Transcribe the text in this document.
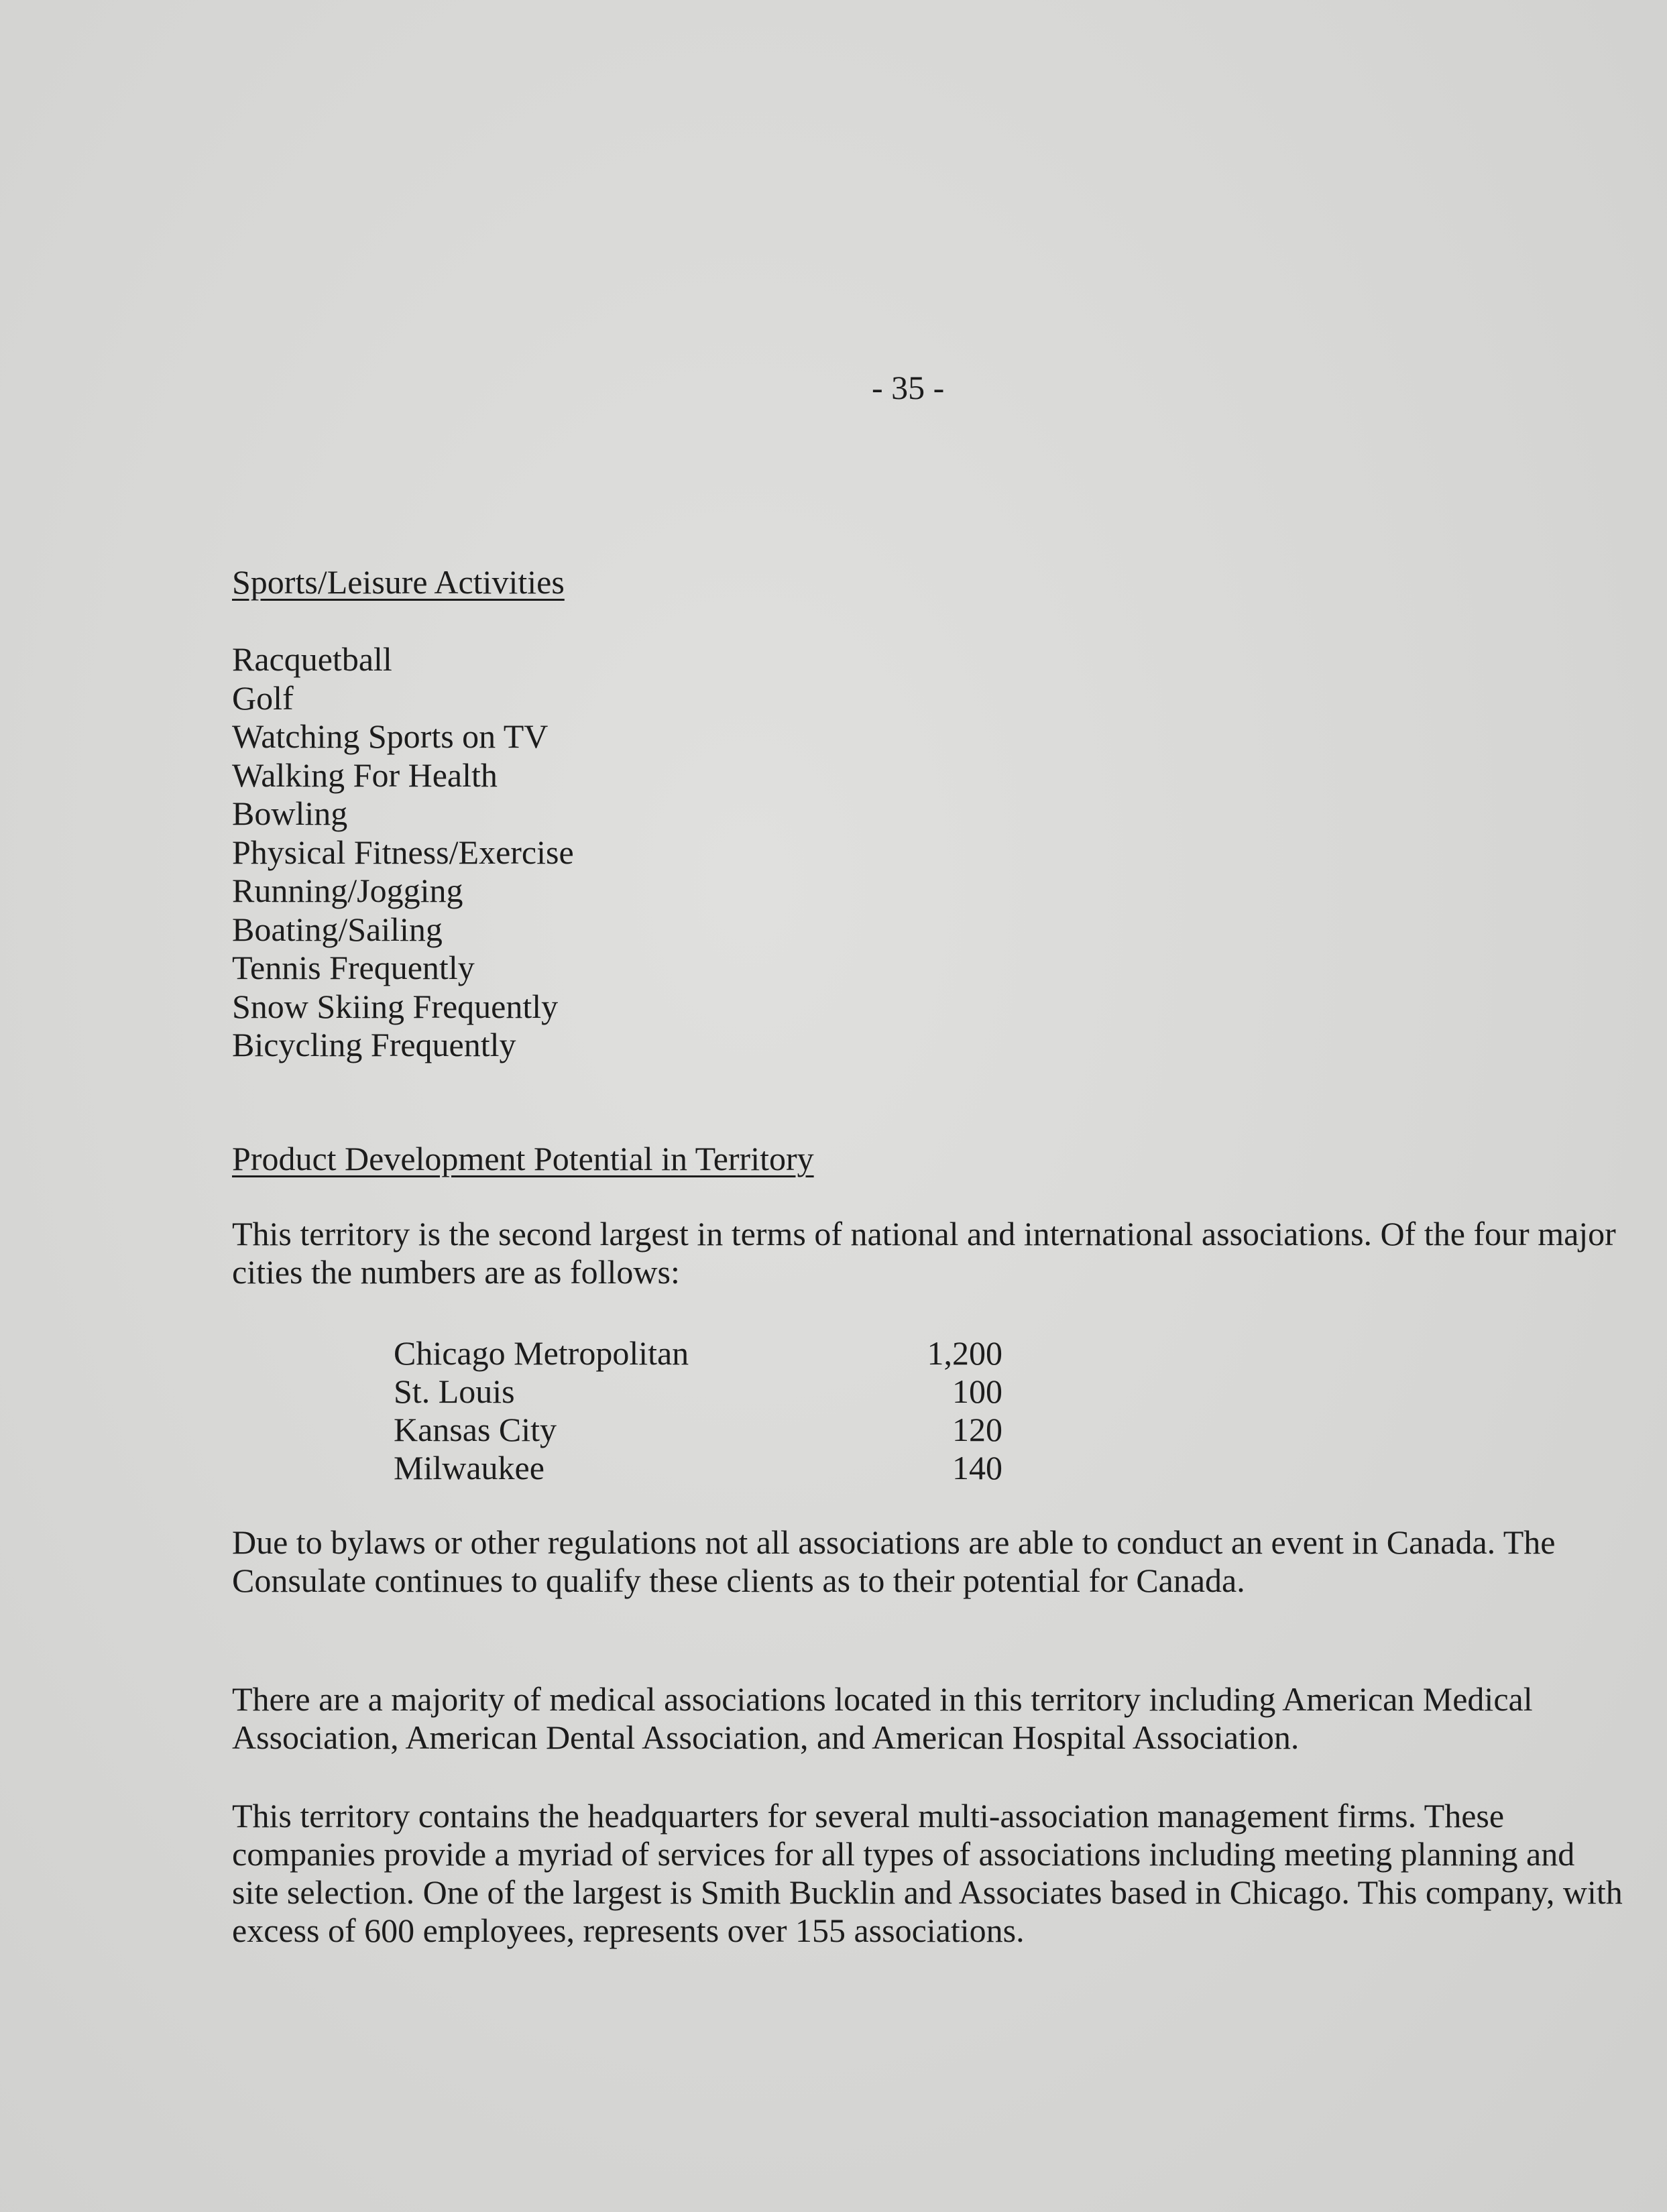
- 35 -
Sports/Leisure Activities
Racquetball
Golf
Watching Sports on TV
Walking For Health
Bowling
Physical Fitness/Exercise
Running/Jogging
Boating/Sailing
Tennis Frequently
Snow Skiing Frequently
Bicycling Frequently
Product Development Potential in Territory

This territory is the second largest in terms of national and international associations. Of the four major cities the numbers are as follows:

Chicago Metropolitan	1,200
St. Louis	100
Kansas City	120
Milwaukee	140

Due to bylaws or other regulations not all associations are able to conduct an event in Canada. The Consulate continues to qualify these clients as to their potential for Canada.

There are a majority of medical associations located in this territory including American Medical Association, American Dental Association, and American Hospital Association.

This territory contains the headquarters for several multi-association management firms. These companies provide a myriad of services for all types of associations including meeting planning and site selection. One of the largest is Smith Bucklin and Associates based in Chicago. This company, with excess of 600 employees, represents over 155 associations.
